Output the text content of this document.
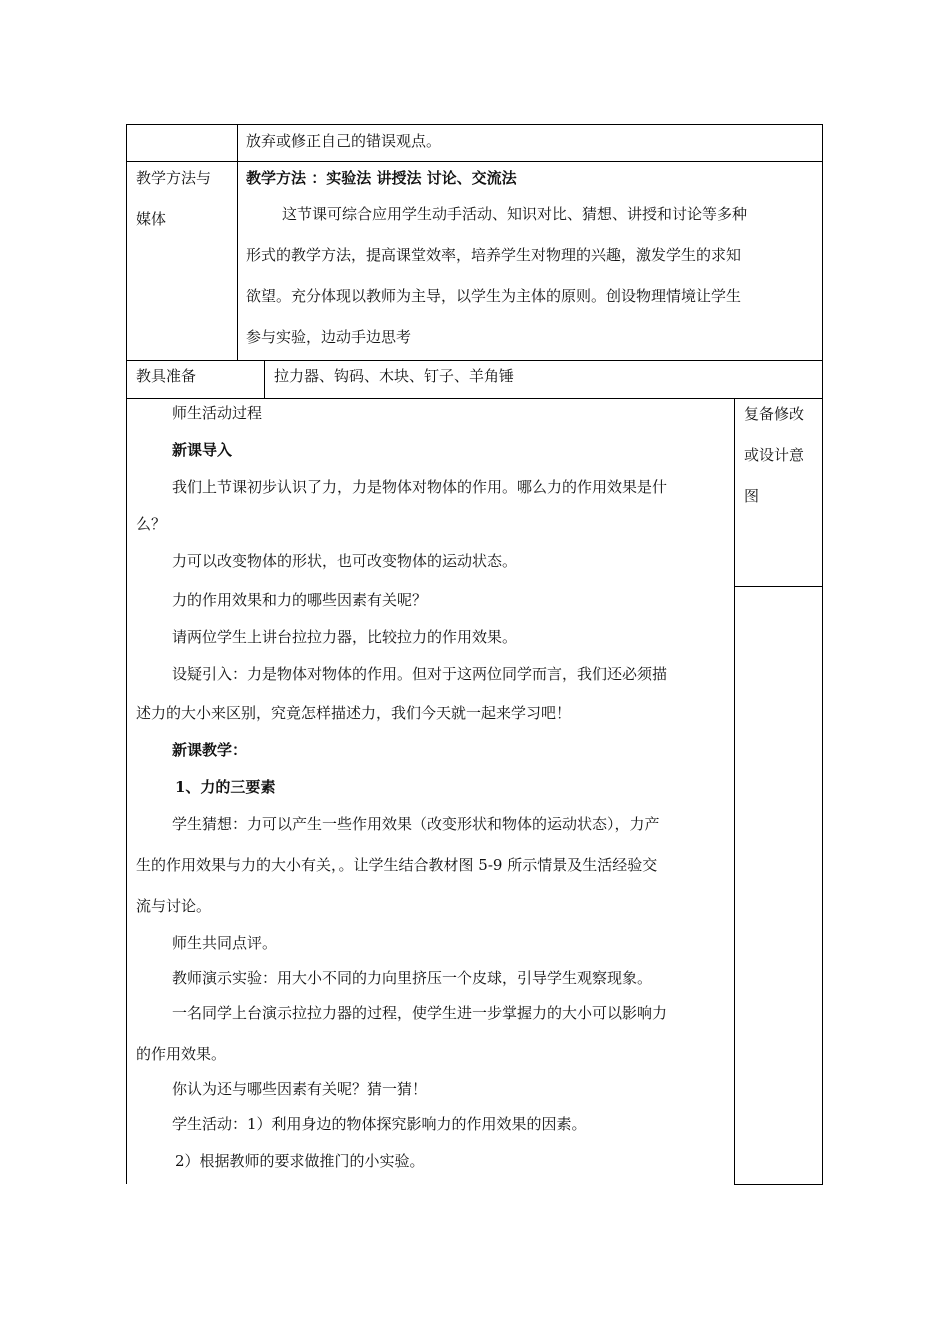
放弃或修正自己的错误观点。
教学方法与
媒体
教学方法 ：实验法 讲授法 讨论、交流法
这节课可综合应用学生动手活动、知识对比、猜想、讲授和讨论等多种
形式的教学方法，提高课堂效率，培养学生对物理的兴趣，激发学生的求知
欲望。充分体现以教师为主导，以学生为主体的原则。创设物理情境让学生
参与实验，边动手边思考
教具准备	拉力器、钩码、木块、钉子、羊角锤
师生活动过程	复备修改
或设计意
图
新课导入
我们上节课初步认识了力，力是物体对物体的作用。哪么力的作用效果是什
么？
力可以改变物体的形状，也可改变物体的运动状态。
力的作用效果和力的哪些因素有关呢？
请两位学生上讲台拉拉力器，比较拉力的作用效果。
设疑引入：力是物体对物体的作用。但对于这两位同学而言，我们还必须描
述力的大小来区别，究竟怎样描述力，我们今天就一起来学习吧！
新课教学：
1、力的三要素
学生猜想：力可以产生一些作用效果（改变形状和物体的运动状态），力产
生的作用效果与力的大小有关，。让学生结合教材图 5-9 所示情景及生活经验交
流与讨论。
师生共同点评。
教师演示实验：用大小不同的力向里挤压一个皮球，引导学生观察现象。
一名同学上台演示拉拉力器的过程，使学生进一步掌握力的大小可以影响力
的作用效果。
你认为还与哪些因素有关呢？猜一猜！
学生活动：1）利用身边的物体探究影响力的作用效果的因素。
2）根据教师的要求做推门的小实验。
